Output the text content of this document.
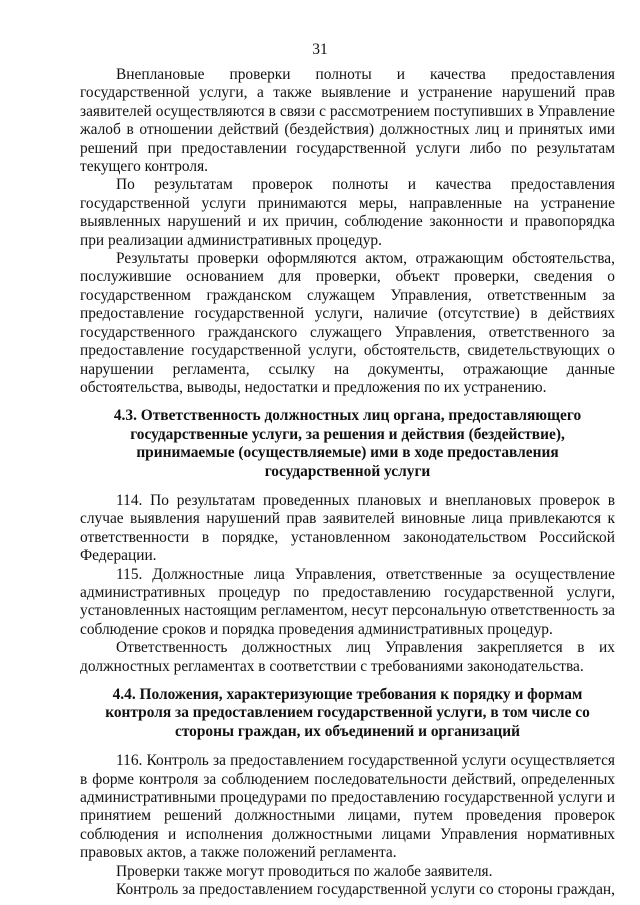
31

Внеплановые проверки полноты и качества предоставления государственной услуги, а также выявление и устранение нарушений прав заявителей осуществляются в связи с рассмотрением поступивших в Управление жалоб в отношении действий (бездействия) должностных лиц и принятых ими решений при предоставлении государственной услуги либо по результатам текущего контроля.

По результатам проверок полноты и качества предоставления государственной услуги принимаются меры, направленные на устранение выявленных нарушений и их причин, соблюдение законности и правопорядка при реализации административных процедур.

Результаты проверки оформляются актом, отражающим обстоятельства, послужившие основанием для проверки, объект проверки, сведения о государственном гражданском служащем Управления, ответственным за предоставление государственной услуги, наличие (отсутствие) в действиях государственного гражданского служащего Управления, ответственного за предоставление государственной услуги, обстоятельств, свидетельствующих о нарушении регламента, ссылку на документы, отражающие данные обстоятельства, выводы, недостатки и предложения по их устранению.

4.3. Ответственность должностных лиц органа, предоставляющего государственные услуги, за решения и действия (бездействие), принимаемые (осуществляемые) ими в ходе предоставления государственной услуги

114. По результатам проведенных плановых и внеплановых проверок в случае выявления нарушений прав заявителей виновные лица привлекаются к ответственности в порядке, установленном законодательством Российской Федерации.

115. Должностные лица Управления, ответственные за осуществление административных процедур по предоставлению государственной услуги, установленных настоящим регламентом, несут персональную ответственность за соблюдение сроков и порядка проведения административных процедур.

Ответственность должностных лиц Управления закрепляется в их должностных регламентах в соответствии с требованиями законодательства.

4.4. Положения, характеризующие требования к порядку и формам контроля за предоставлением государственной услуги, в том числе со стороны граждан, их объединений и организаций

116. Контроль за предоставлением государственной услуги осуществляется в форме контроля за соблюдением последовательности действий, определенных административными процедурами по предоставлению государственной услуги и принятием решений должностными лицами, путем проведения проверок соблюдения и исполнения должностными лицами Управления нормативных правовых актов, а также положений регламента.

Проверки также могут проводиться по жалобе заявителя.

Контроль за предоставлением государственной услуги со стороны граждан,
